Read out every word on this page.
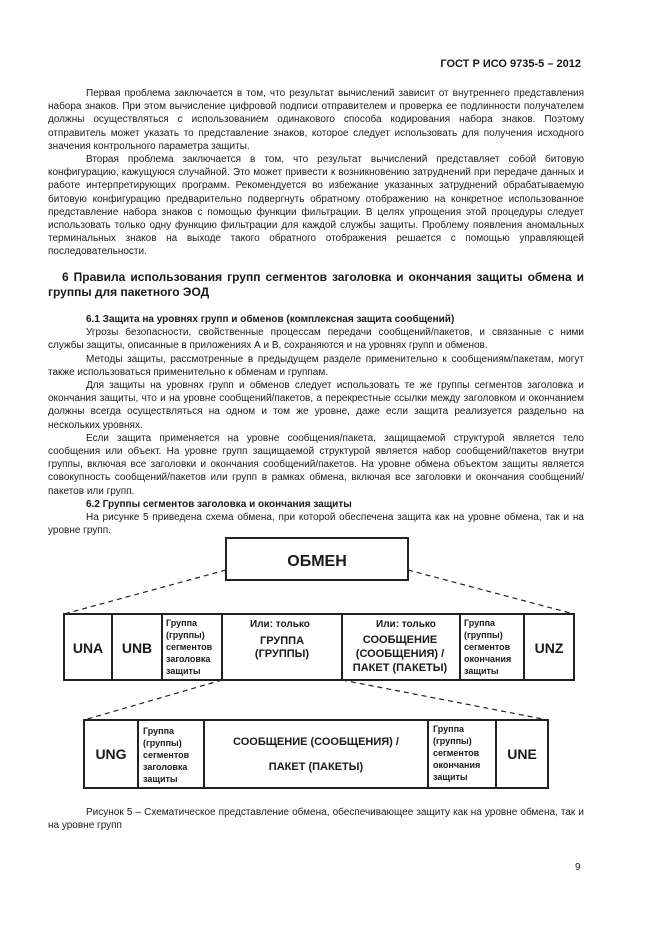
ГОСТ Р ИСО 9735-5 – 2012

Первая проблема заключается в том, что результат вычислений зависит от внутреннего представления набора знаков. При этом вычисление цифровой подписи отправителем и проверка ее подлинности получателем должны осуществляться с использованием одинакового способа кодирования набора знаков. Поэтому отправитель может указать то представление знаков, которое следует использовать для получения исходного значения контрольного параметра защиты.

Вторая проблема заключается в том, что результат вычислений представляет собой битовую конфигурацию, кажущуюся случайной. Это может привести к возникновению затруднений при передаче данных и работе интерпретирующих программ. Рекомендуется во избежание указанных затруднений обрабатываемую битовую конфигурацию предварительно подвергнуть обратному отображению на конкретное использованное представление набора знаков с помощью функции фильтрации. В целях упрощения этой процедуры следует использовать только одну функцию фильтрации для каждой службы защиты. Проблему появления аномальных терминальных знаков на выходе такого обратного отображения решается с помощью управляющей последовательности.

6 Правила использования групп сегментов заголовка и окончания защиты обмена и группы для пакетного ЭОД

6.1 Защита на уровнях групп и обменов (комплексная защита сообщений)

Угрозы безопасности, свойственные процессам передачи сообщений/пакетов, и связанные с ними службы защиты, описанные в приложениях А и В, сохраняются и на уровнях групп и обменов.

Методы защиты, рассмотренные в предыдущем разделе применительно к сообщениям/пакетам, могут также использоваться применительно к обменам и группам.

Для защиты на уровнях групп и обменов следует использовать те же группы сегментов заголовка и окончания защиты, что и на уровне сообщений/пакетов, а перекрестные ссылки между заголовком и окончанием должны всегда осуществляться на одном и том же уровне, даже если защита реализуется раздельно на нескольких уровнях.

Если защита применяется на уровне сообщения/пакета, защищаемой структурой является тело сообщения или объект. На уровне групп защищаемой структурой является набор сообщений/пакетов внутри группы, включая все заголовки и окончания сообщений/пакетов. На уровне обмена объектом защиты является совокупность сообщений/пакетов или групп в рамках обмена, включая все заголовки и окончания сообщений/пакетов или групп.

6.2 Группы сегментов заголовка и окончания защиты

На рисунке 5 приведена схема обмена, при которой обеспечена защита как на уровне обмена, так и на уровне групп.

ОБМЕН
UNA UNB
Группа
(группы)
сегментов
заголовка
защиты
Или: только
ГРУППА
(ГРУППЫ)
Или: только
СООБЩЕНИЕ
(СООБЩЕНИЯ) /
ПАКЕТ (ПАКЕТЫ)
Группа
(группы)
сегментов
окончания
защиты
UNZ
UNG
Группа
(группы)
сегментов
заголовка
защиты
СООБЩЕНИЕ (СООБЩЕНИЯ) /
ПАКЕТ (ПАКЕТЫ)
Группа
(группы)
сегментов
окончания
защиты
UNE

Рисунок 5 – Схематическое представление обмена, обеспечивающее защиту как на уровне обмена, так и на уровне групп

9
